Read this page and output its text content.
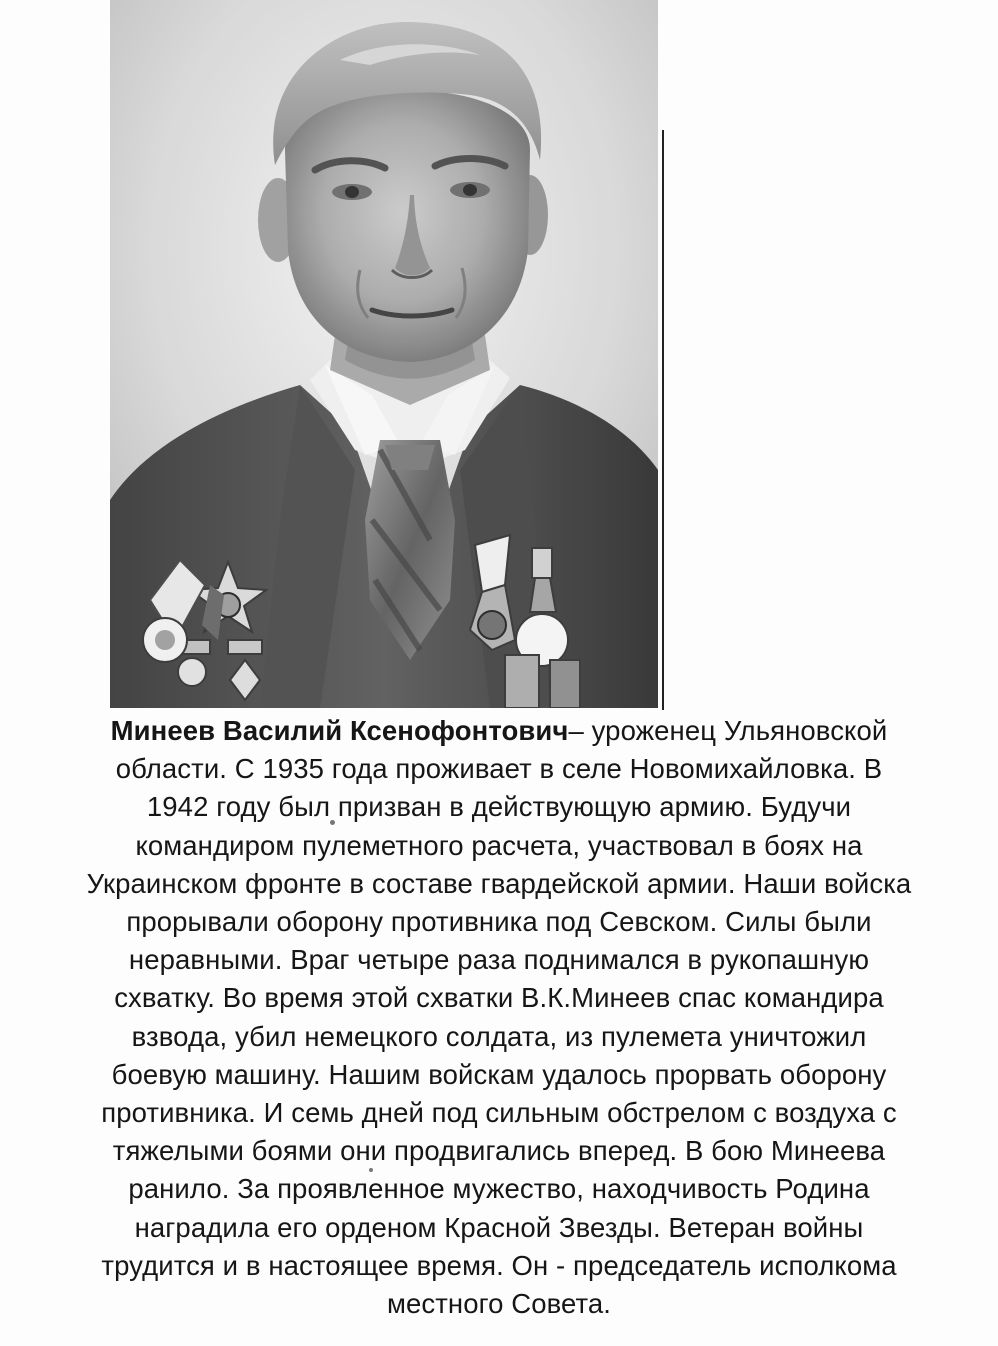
Минеев Василий Ксенофонтович– уроженец Ульяновской
области. С 1935 года проживает в селе Новомихайловка. В
1942 году был призван в действующую армию. Будучи
командиром пулеметного расчета, участвовал в боях на
Украинском фронте в составе гвардейской армии. Наши войска
прорывали оборону противника под Севском. Силы были
неравными. Враг четыре раза поднимался в рукопашную
схватку. Во время этой схватки В.К.Минеев спас командира
взвода, убил немецкого солдата, из пулемета уничтожил
боевую машину. Нашим войскам удалось прорвать оборону
противника. И семь дней под сильным обстрелом с воздуха с
тяжелыми боями они продвигались вперед. В бою Минеева
ранило. За проявленное мужество, находчивость Родина
наградила его орденом Красной Звезды. Ветеран войны
трудится и в настоящее время. Он - председатель исполкома
местного Совета.
